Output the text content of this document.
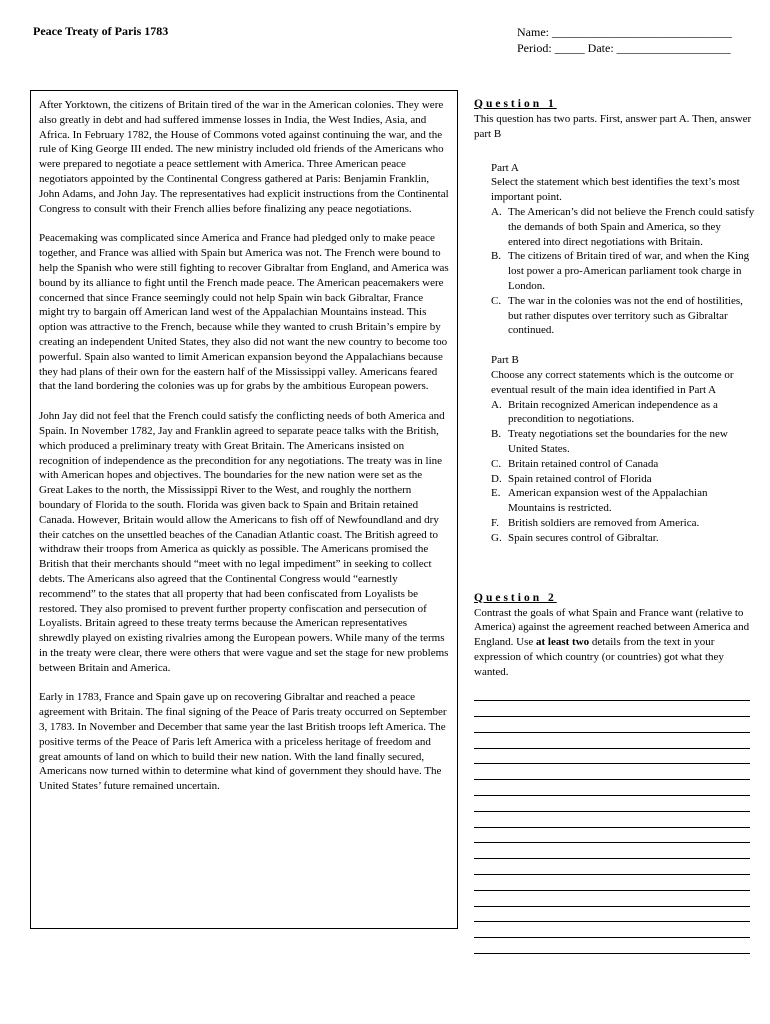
Peace Treaty of Paris 1783	Name: ______________________________
Period: _____ Date: ___________________

After Yorktown, the citizens of Britain tired of the war in the American colonies. They were also greatly in debt and had suffered immense losses in India, the West Indies, Asia, and Africa. In February 1782, the House of Commons voted against continuing the war, and the rule of King George III ended. The new ministry included old friends of the Americans who were prepared to negotiate a peace settlement with America. Three American peace negotiators appointed by the Continental Congress gathered at Paris: Benjamin Franklin, John Adams, and John Jay. The representatives had explicit instructions from the Continental Congress to consult with their French allies before finalizing any peace negotiations.

Peacemaking was complicated since America and France had pledged only to make peace together, and France was allied with Spain but America was not. The French were bound to help the Spanish who were still fighting to recover Gibraltar from England, and America was bound by its alliance to fight until the French made peace. The American peacemakers were concerned that since France seemingly could not help Spain win back Gibraltar, France might try to bargain off American land west of the Appalachian Mountains instead. This option was attractive to the French, because while they wanted to crush Britain’s empire by creating an independent United States, they also did not want the new country to become too powerful. Spain also wanted to limit American expansion beyond the Appalachians because they had plans of their own for the eastern half of the Mississippi valley. Americans feared that the land bordering the colonies was up for grabs by the ambitious European powers.

John Jay did not feel that the French could satisfy the conflicting needs of both America and Spain. In November 1782, Jay and Franklin agreed to separate peace talks with the British, which produced a preliminary treaty with Great Britain. The Americans insisted on recognition of independence as the precondition for any negotiations. The treaty was in line with American hopes and objectives. The boundaries for the new nation were set as the Great Lakes to the north, the Mississippi River to the West, and roughly the northern boundary of Florida to the south. Florida was given back to Spain and Britain retained Canada. However, Britain would allow the Americans to fish off of Newfoundland and dry their catches on the unsettled beaches of the Canadian Atlantic coast. The British agreed to withdraw their troops from America as quickly as possible. The Americans promised the British that their merchants should “meet with no legal impediment” in seeking to collect debts. The Americans also agreed that the Continental Congress would “earnestly recommend” to the states that all property that had been confiscated from Loyalists be restored. They also promised to prevent further property confiscation and persecution of Loyalists. Britain agreed to these treaty terms because the American representatives shrewdly played on existing rivalries among the European powers. While many of the terms in the treaty were clear, there were others that were vague and set the stage for new problems between Britain and America.

Early in 1783, France and Spain gave up on recovering Gibraltar and reached a peace agreement with Britain. The final signing of the Peace of Paris treaty occurred on September 3, 1783. In November and December that same year the last British troops left America. The positive terms of the Peace of Paris left America with a priceless heritage of freedom and great amounts of land on which to build their new nation. With the land finally secured, Americans now turned within to determine what kind of government they should have. The United States’ future remained uncertain.

Question 1
This question has two parts. First, answer part A. Then, answer part B
Part A
Select the statement which best identifies the text’s most important point.
A. The American’s did not believe the French could satisfy the demands of both Spain and America, so they entered into direct negotiations with Britain.
B. The citizens of Britain tired of war, and when the King lost power a pro-American parliament took charge in London.
C. The war in the colonies was not the end of hostilities, but rather disputes over territory such as Gibraltar continued.
Part B
Choose any correct statements which is the outcome or eventual result of the main idea identified in Part A
A. Britain recognized American independence as a precondition to negotiations.
B. Treaty negotiations set the boundaries for the new United States.
C. Britain retained control of Canada
D. Spain retained control of Florida
E. American expansion west of the Appalachian Mountains is restricted.
F. British soldiers are removed from America.
G. Spain secures control of Gibraltar.
Question 2
Contrast the goals of what Spain and France want (relative to America) against the agreement reached between America and England. Use at least two details from the text in your expression of which country (or countries) got what they wanted.
